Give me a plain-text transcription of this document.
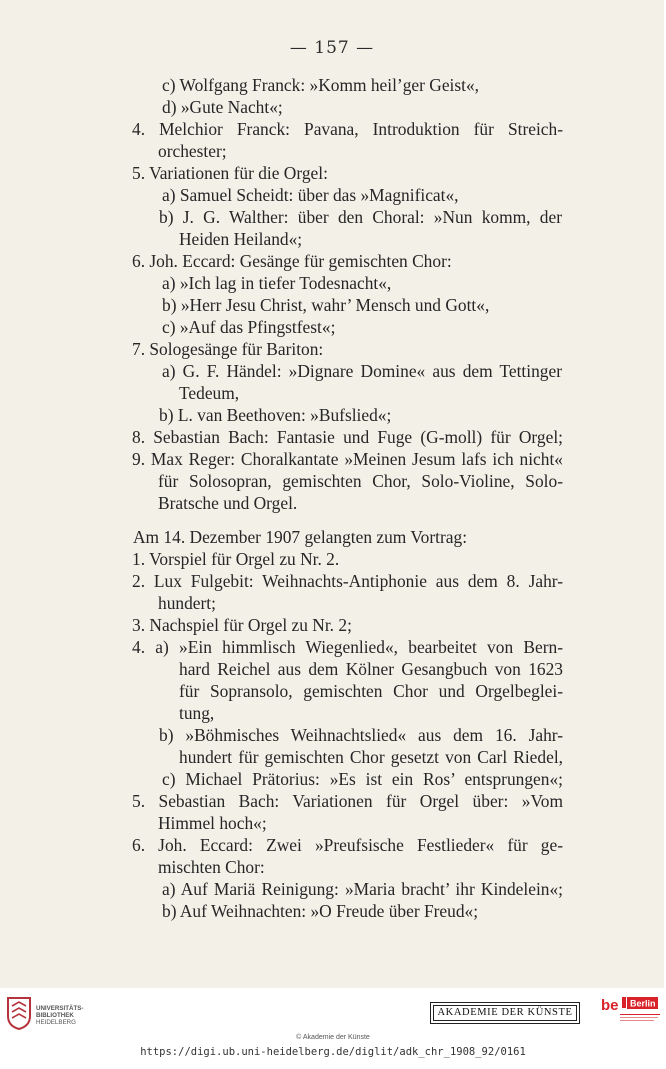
— 157 —
c) Wolfgang Franck: »Komm heil’ger Geist«,
d) »Gute Nacht«;
4. Melchior Franck: Pavana, Introduktion für Streich-
orchester;
5. Variationen für die Orgel:
a) Samuel Scheidt: über das »Magnificat«,
b) J. G. Walther: über den Choral: »Nun komm, der
Heiden Heiland«;
6. Joh. Eccard: Gesänge für gemischten Chor:
a) »Ich lag in tiefer Todesnacht«,
b) »Herr Jesu Christ, wahr’ Mensch und Gott«,
c) »Auf das Pfingstfest«;
7. Sologesänge für Bariton:
a) G. F. Händel: »Dignare Domine« aus dem Tettinger
Tedeum,
b) L. van Beethoven: »Bufslied«;
8. Sebastian Bach: Fantasie und Fuge (G-moll) für Orgel;
9. Max Reger: Choralkantate »Meinen Jesum lafs ich nicht«
für Solosopran, gemischten Chor, Solo-Violine, Solo-
Bratsche und Orgel.
Am 14. Dezember 1907 gelangten zum Vortrag:
1. Vorspiel für Orgel zu Nr. 2.
2. Lux Fulgebit: Weihnachts-Antiphonie aus dem 8. Jahr-
hundert;
3. Nachspiel für Orgel zu Nr. 2;
4. a) »Ein himmlisch Wiegenlied«, bearbeitet von Bern-
hard Reichel aus dem Kölner Gesangbuch von 1623
für Sopransolo, gemischten Chor und Orgelbeglei-
tung,
b) »Böhmisches Weihnachtslied« aus dem 16. Jahr-
hundert für gemischten Chor gesetzt von Carl Riedel,
c) Michael Prätorius: »Es ist ein Ros’ entsprungen«;
5. Sebastian Bach: Variationen für Orgel über: »Vom
Himmel hoch«;
6. Joh. Eccard: Zwei »Preufsische Festlieder« für ge-
mischten Chor:
a) Auf Mariä Reinigung: »Maria bracht’ ihr Kindelein«;
b) Auf Weihnachten: »O Freude über Freud«;
UNIVERSITÄTS-
BIBLIOTHEK
HEIDELBERG
AKADEMIE DER KÜNSTE be Berlin
© Akademie der Künste
https://digi.ub.uni-heidelberg.de/diglit/adk_chr_1908_92/0161
